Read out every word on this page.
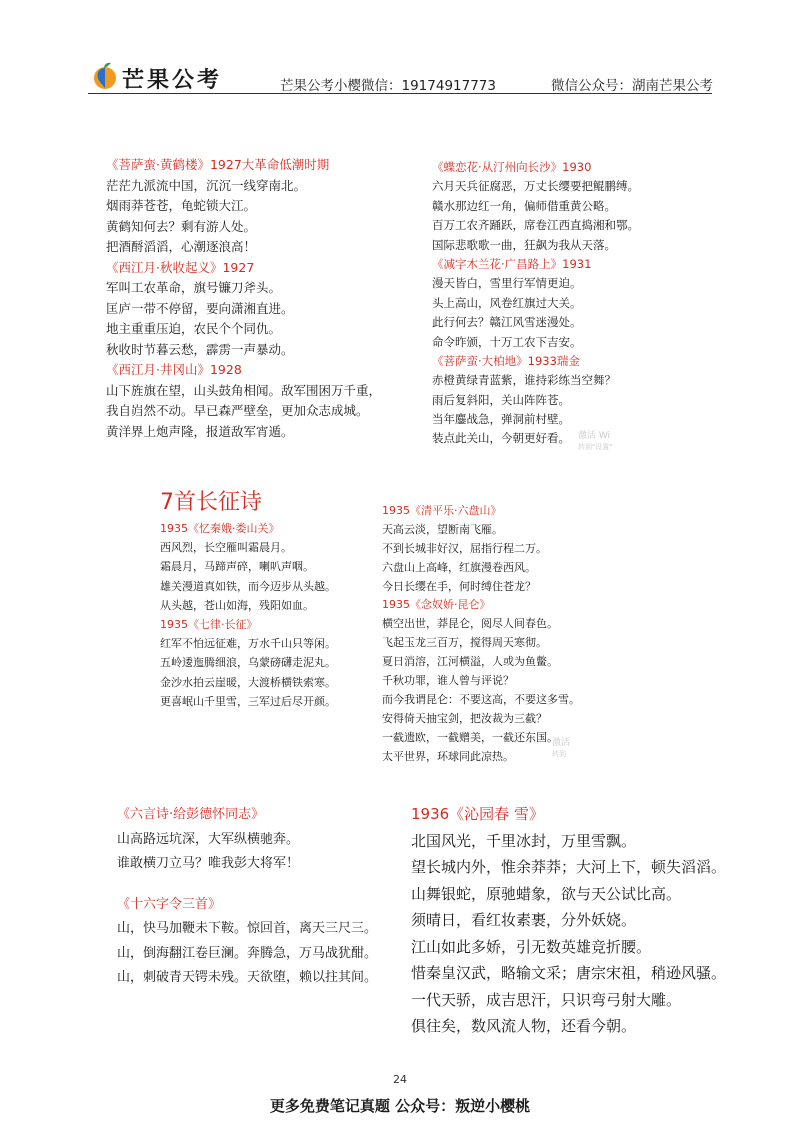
芒果公考	芒果公考小樱微信：19174917773	微信公众号：湖南芒果公考
《菩萨蛮·黄鹤楼》1927大革命低潮时期
茫茫九派流中国，沉沉一线穿南北。
烟雨莽苍苍，龟蛇锁大江。
黄鹤知何去？剩有游人处。
把酒酹滔滔，心潮逐浪高！
《西江月·秋收起义》1927
军叫工农革命，旗号镰刀斧头。
匡庐一带不停留，要向潇湘直进。
地主重重压迫，农民个个同仇。
秋收时节暮云愁，霹雳一声暴动。
《西江月·井冈山》1928
山下旌旗在望，山头鼓角相闻。敌军围困万千重，
我自岿然不动。早已森严壁垒，更加众志成城。
黄洋界上炮声隆，报道敌军宵遁。
《蝶恋花·从汀州向长沙》1930
六月天兵征腐恶，万丈长缨要把鲲鹏缚。
赣水那边红一角，偏师借重黄公略。
百万工农齐踊跃，席卷江西直捣湘和鄂。
国际悲歌歌一曲，狂飙为我从天落。
《减字木兰花·广昌路上》1931
漫天皆白，雪里行军情更迫。
头上高山，风卷红旗过大关。
此行何去？赣江风雪迷漫处。
命令昨颁，十万工农下吉安。
《菩萨蛮·大柏地》1933瑞金
赤橙黄绿青蓝紫，谁持彩练当空舞？
雨后复斜阳，关山阵阵苍。
当年鏖战急，弹洞前村壁。
装点此关山，今朝更好看。 激活 Wi
转到"设置"
7首长征诗
1935《忆秦娥·娄山关》
西风烈，长空雁叫霜晨月。
霜晨月，马蹄声碎，喇叭声咽。
雄关漫道真如铁，而今迈步从头越。
从头越，苍山如海，残阳如血。
1935《七律·长征》
红军不怕远征难，万水千山只等闲。
五岭逶迤腾细浪，乌蒙磅礴走泥丸。
金沙水拍云崖暖，大渡桥横铁索寒。
更喜岷山千里雪，三军过后尽开颜。
1935《清平乐·六盘山》
天高云淡，望断南飞雁。
不到长城非好汉，屈指行程二万。
六盘山上高峰，红旗漫卷西风。
今日长缨在手，何时缚住苍龙？
1935《念奴娇·昆仑》
横空出世，莽昆仑，阅尽人间春色。
飞起玉龙三百万，搅得周天寒彻。
夏日消溶，江河横溢，人或为鱼鳖。
千秋功罪，谁人曾与评说？
而今我谓昆仑：不要这高，不要这多雪。
安得倚天抽宝剑，把汝裁为三截？
一截遗欧，一截赠美，一截还东国。
太平世界，环球同此凉热。
激活
转到
《六言诗·给彭德怀同志》
山高路远坑深，大军纵横驰奔。
谁敢横刀立马？唯我彭大将军！
《十六字令三首》
山，快马加鞭未下鞍。惊回首，离天三尺三。
山，倒海翻江卷巨澜。奔腾急，万马战犹酣。
山，刺破青天锷未残。天欲堕，赖以拄其间。
1936《沁园春 雪》
北国风光，千里冰封，万里雪飘。
望长城内外，惟余莽莽；大河上下，顿失滔滔。
山舞银蛇，原驰蜡象，欲与天公试比高。
须晴日，看红妆素裹，分外妖娆。
江山如此多娇，引无数英雄竞折腰。
惜秦皇汉武，略输文采；唐宗宋祖，稍逊风骚。
一代天骄，成吉思汗，只识弯弓射大雕。
俱往矣，数风流人物，还看今朝。
24
更多免费笔记真题 公众号：叛逆小樱桃
